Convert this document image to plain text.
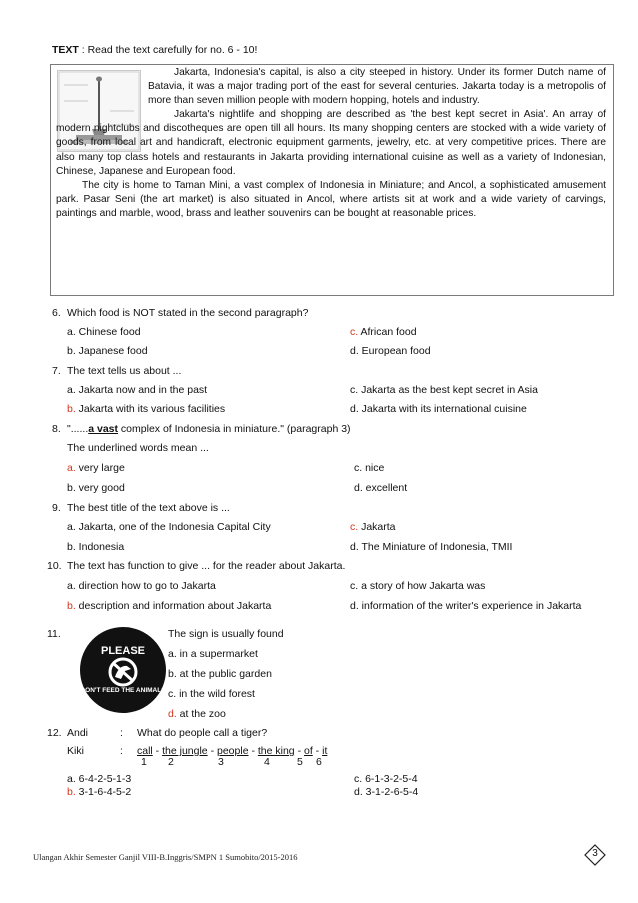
TEXT : Read the text carefully for no. 6 - 10!

Jakarta, Indonesia's capital, is also a city steeped in history. Under its former Dutch name of Batavia, it was a major trading port of the east for several centuries. Jakarta today is a metropolis of more than seven million people with modern hopping, hotels and industry.

Jakarta's nightlife and shopping are described as 'the best kept secret in Asia'. An array of modern nightclubs and discotheques are open till all hours. Its many shopping centers are stocked with a wide variety of goods, from local art and handicraft, electronic equipment garments, jewelry, etc. at very competitive prices. There are also many top class hotels and restaurants in Jakarta providing international cuisine as well as a variety of Indonesian, Chinese, Japanese and European food.

The city is home to Taman Mini, a vast complex of Indonesia in Miniature; and Ancol, a sophisticated amusement park. Pasar Seni (the art market) is also situated in Ancol, where artists sit at work and a wide variety of carvings, paintings and marble, wood, brass and leather souvenirs can be bought at reasonable prices.

6. Which food is NOT stated in the second paragraph?
a. Chinese food	c. African food
b. Japanese food	d. European food
7. The text tells us about ...
a. Jakarta now and in the past	c. Jakarta as the best kept secret in Asia
b. Jakarta with its various facilities	d. Jakarta with its international cuisine
8. "......a vast complex of Indonesia in miniature." (paragraph 3)
The underlined words mean ...
a. very large	c. nice
b. very good	d. excellent
9. The best title of the text above is ...
a. Jakarta, one of the Indonesia Capital City	c. Jakarta
b. Indonesia	d. The Miniature of Indonesia, TMII
10. The text has function to give ... for the reader about Jakarta.
a. direction how to go to Jakarta	c. a story of how Jakarta was
b. description and information about Jakarta	d. information of the writer's experience in Jakarta
11.
PLEASE
DON'T FEED THE ANIMALS
The sign is usually found
a. in a supermarket
b. at the public garden
c. in the wild forest
d. at the zoo
12. Andi	: What do people call a tiger?
Kiki	: call - the jungle - people - the king - of - it
1 2	3	4	5 6
a. 6-4-2-5-1-3	c. 6-1-3-2-5-4
b. 3-1-6-4-5-2	d. 3-1-2-6-5-4
Ulangan Akhir Semester Ganjil VIII-B.Inggris/SMPN 1 Sumobito/2015-2016	3
